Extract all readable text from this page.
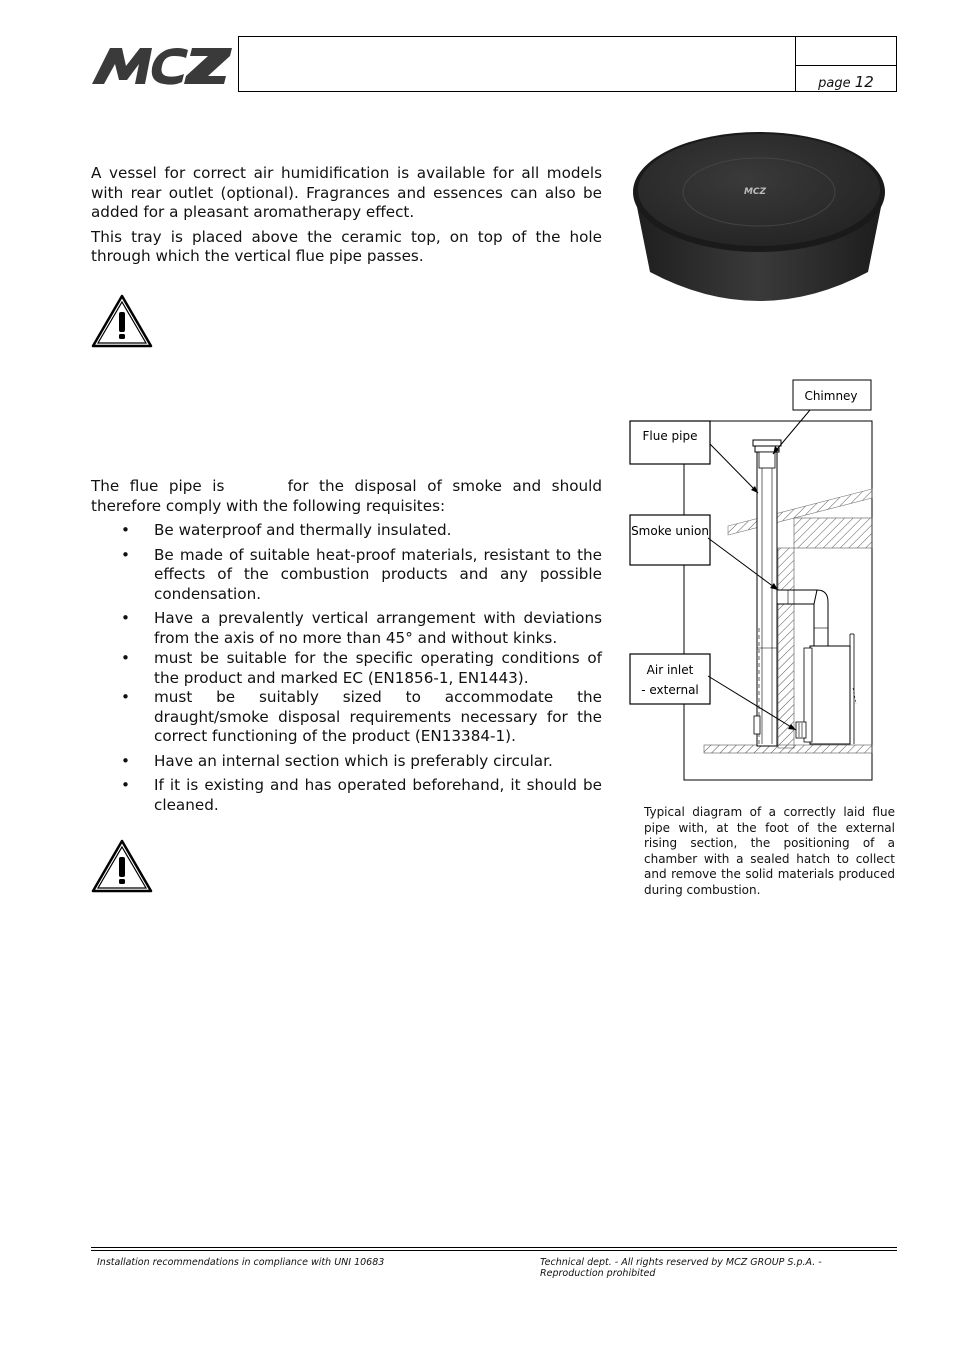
MCZ
page 12

A vessel for correct air humidification is available for all models with rear outlet (optional). Fragrances and essences can also be added for a pleasant aromatherapy effect.

This tray is placed above the ceramic top, on top of the hole through which the vertical flue pipe passes.

MCZ

The flue pipe is	for the disposal of smoke and should therefore comply with the following requisites:

• Be waterproof and thermally insulated.
• Be made of suitable heat-proof materials, resistant to the effects of the combustion products and any possible condensation.
• Have a prevalently vertical arrangement with deviations from the axis of no more than 45° and without kinks.
• must be suitable for the specific operating conditions of the product and marked EC (EN1856-1, EN1443).
• must be suitably sized to accommodate the draught/smoke disposal requirements necessary for the correct functioning of the product (EN13384-1).
• Have an internal section which is preferably circular.
• If it is existing and has operated beforehand, it should be cleaned.
Chimney
Flue pipe
Smoke union
Air inlet
- external
Typical diagram of a correctly laid flue pipe with, at the foot of the external rising section, the positioning of a chamber with a sealed hatch to collect and remove the solid materials produced during combustion.
Installation recommendations in compliance with UNI 10683	Technical dept. - All rights reserved by MCZ GROUP S.p.A. - Reproduction prohibited
